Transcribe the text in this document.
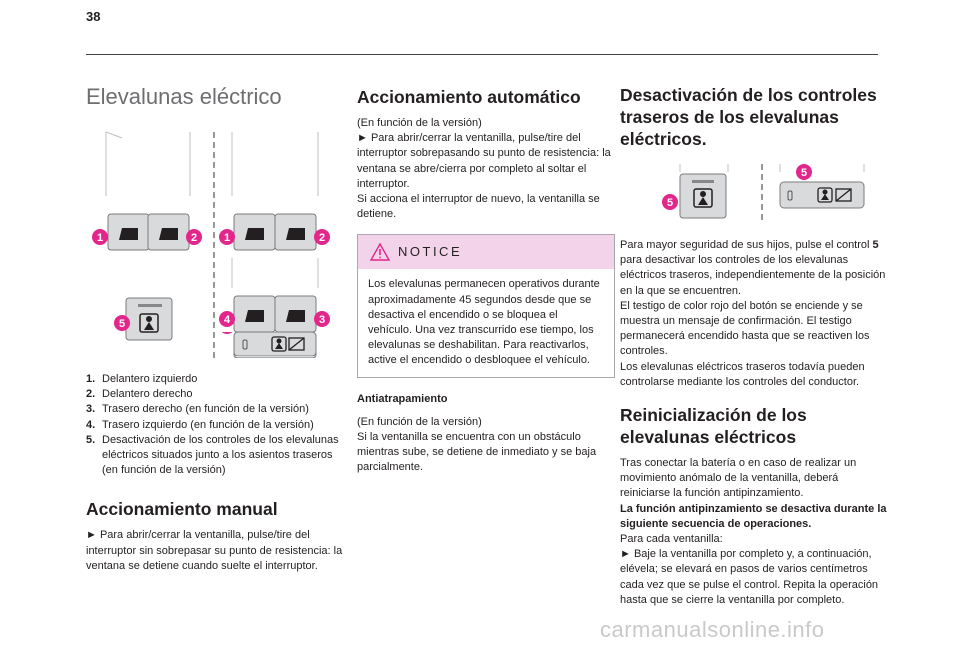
38
Elevalunas eléctrico
1	2
5
1	2
4	3
1. Delantero izquierdo
2. Delantero derecho
3. Trasero derecho (en función de la versión)
4. Trasero izquierdo (en función de la versión)
5. Desactivación de los controles de los elevalunas eléctricos situados junto a los asientos traseros (en función de la versión)
Accionamiento manual

► Para abrir/cerrar la ventanilla, pulse/tire del interruptor sin sobrepasar su punto de resistencia: la ventana se detiene cuando suelte el interruptor.

Accionamiento automático

(En función de la versión)

► Para abrir/cerrar la ventanilla, pulse/tire del interruptor sobrepasando su punto de resistencia: la ventana se abre/cierra por completo al soltar el interruptor.

Si acciona el interruptor de nuevo, la ventanilla se detiene.

NOTICE

Los elevalunas permanecen operativos durante aproximadamente 45 segundos desde que se desactiva el encendido o se bloquea el vehículo. Una vez transcurrido ese tiempo, los elevalunas se deshabilitan. Para reactivarlos, active el encendido o desbloquee el vehículo.

Antiatrapamiento

(En función de la versión)

Si la ventanilla se encuentra con un obstáculo mientras sube, se detiene de inmediato y se baja parcialmente.

Desactivación de los controles traseros de los elevalunas eléctricos.
5
5

Para mayor seguridad de sus hijos, pulse el control 5 para desactivar los controles de los elevalunas eléctricos traseros, independientemente de la posición en la que se encuentren.

El testigo de color rojo del botón se enciende y se muestra un mensaje de confirmación. El testigo permanecerá encendido hasta que se reactiven los controles.

Los elevalunas eléctricos traseros todavía pueden controlarse mediante los controles del conductor.

Reinicialización de los elevalunas eléctricos

Tras conectar la batería o en caso de realizar un movimiento anómalo de la ventanilla, deberá reiniciarse la función antipinzamiento.

La función antipinzamiento se desactiva durante la siguiente secuencia de operaciones.

Para cada ventanilla:

► Baje la ventanilla por completo y, a continuación, elévela; se elevará en pasos de varios centímetros cada vez que se pulse el control. Repita la operación hasta que se cierre la ventanilla por completo.

carmanualsonline.info
